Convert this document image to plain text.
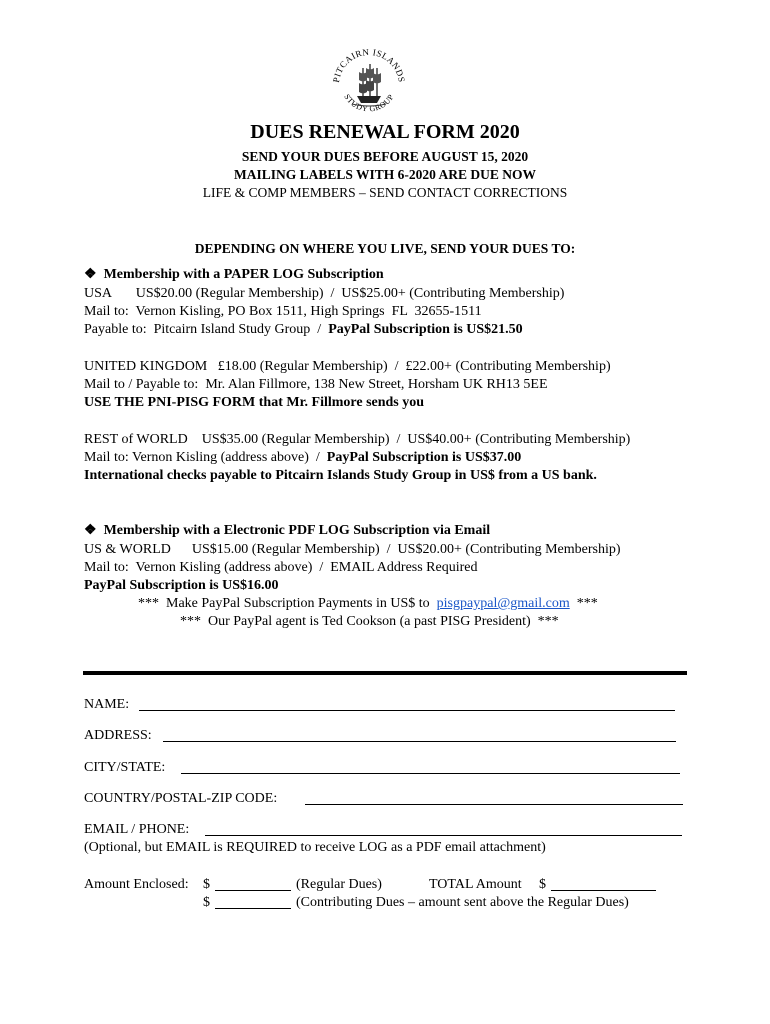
PITCAIRN ISLANDS
STUDY GROUP
DUES RENEWAL FORM 2020
SEND YOUR DUES BEFORE AUGUST 15, 2020
MAILING LABELS WITH 6-2020 ARE DUE NOW
LIFE & COMP MEMBERS – SEND CONTACT CORRECTIONS
DEPENDING ON WHERE YOU LIVE, SEND YOUR DUES TO:
❖ Membership with a PAPER LOG Subscription
USA       US$20.00 (Regular Membership)  /  US$25.00+ (Contributing Membership)
Mail to:  Vernon Kisling, PO Box 1511, High Springs  FL  32655-1511
Payable to:  Pitcairn Island Study Group  /  PayPal Subscription is US$21.50
UNITED KINGDOM   £18.00 (Regular Membership)  /  £22.00+ (Contributing Membership)
Mail to / Payable to:  Mr. Alan Fillmore, 138 New Street, Horsham UK RH13 5EE
USE THE PNI-PISG FORM that Mr. Fillmore sends you
REST of WORLD    US$35.00 (Regular Membership)  /  US$40.00+ (Contributing Membership)
Mail to: Vernon Kisling (address above)  /  PayPal Subscription is US$37.00
International checks payable to Pitcairn Islands Study Group in US$ from a US bank.
❖ Membership with a Electronic PDF LOG Subscription via Email
US & WORLD      US$15.00 (Regular Membership)  /  US$20.00+ (Contributing Membership)
Mail to:  Vernon Kisling (address above)  /  EMAIL Address Required
PayPal Subscription is US$16.00
***  Make PayPal Subscription Payments in US$ to  pisgpaypal@gmail.com  ***
***  Our PayPal agent is Ted Cookson (a past PISG President)  ***
NAME:
ADDRESS:
CITY/STATE:
COUNTRY/POSTAL-ZIP CODE:
EMAIL / PHONE:
(Optional, but EMAIL is REQUIRED to receive LOG as a PDF email attachment)
Amount Enclosed: $	(Regular Dues)	TOTAL Amount $
$	(Contributing Dues – amount sent above the Regular Dues)
